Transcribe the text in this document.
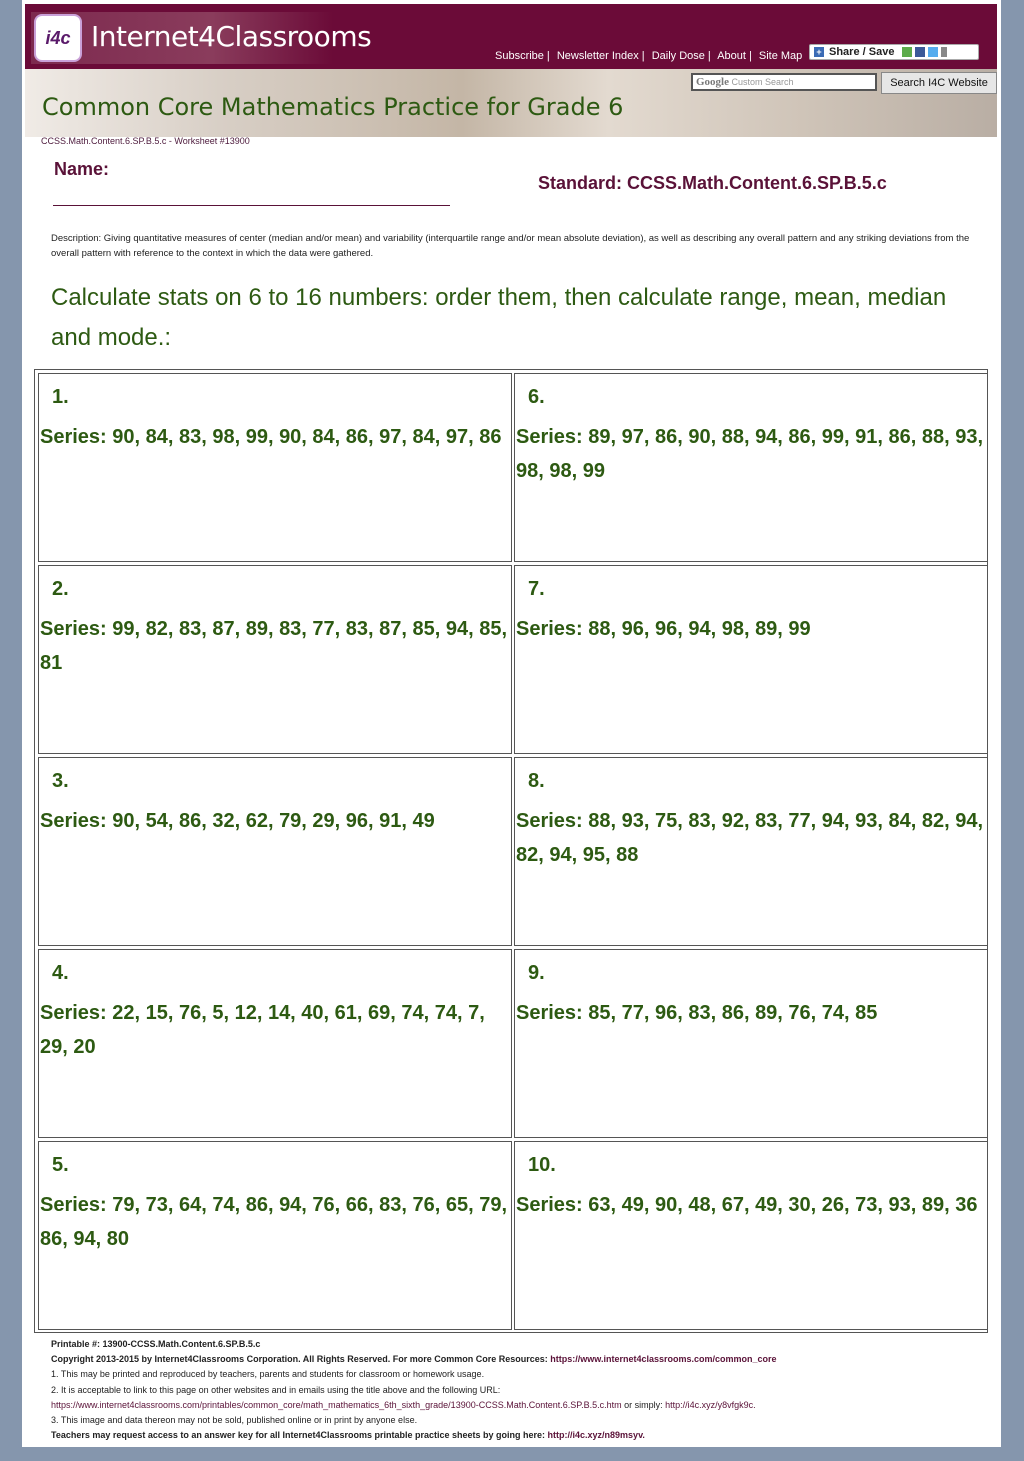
i4c Internet4Classrooms
Subscribe | Newsletter Index | Daily Dose | About | Site Map + Share / Save
Google Custom Search	Search I4C Website
Common Core Mathematics Practice for Grade 6
CCSS.Math.Content.6.SP.B.5.c - Worksheet #13900
Name:
Standard: CCSS.Math.Content.6.SP.B.5.c
Description: Giving quantitative measures of center (median and/or mean) and variability (interquartile range and/or mean absolute deviation), as well as describing any overall pattern and any striking deviations from the overall pattern with reference to the context in which the data were gathered.
Calculate stats on 6 to 16 numbers: order them, then calculate range, mean, median and mode.:
1.
Series: 90, 84, 83, 98, 99, 90, 84, 86, 97, 84, 97, 86
2.
Series: 99, 82, 83, 87, 89, 83, 77, 83, 87, 85, 94, 85, 81
3.
Series: 90, 54, 86, 32, 62, 79, 29, 96, 91, 49
4.
Series: 22, 15, 76, 5, 12, 14, 40, 61, 69, 74, 74, 7, 29, 20
5.
Series: 79, 73, 64, 74, 86, 94, 76, 66, 83, 76, 65, 79, 86, 94, 80
6.
Series: 89, 97, 86, 90, 88, 94, 86, 99, 91, 86, 88, 93, 98, 98, 99
7.
Series: 88, 96, 96, 94, 98, 89, 99
8.
Series: 88, 93, 75, 83, 92, 83, 77, 94, 93, 84, 82, 94, 82, 94, 95, 88
9.
Series: 85, 77, 96, 83, 86, 89, 76, 74, 85
10.
Series: 63, 49, 90, 48, 67, 49, 30, 26, 73, 93, 89, 36
Printable #: 13900-CCSS.Math.Content.6.SP.B.5.c
Copyright 2013-2015 by Internet4Classrooms Corporation. All Rights Reserved. For more Common Core Resources: https://www.internet4classrooms.com/common_core
1. This may be printed and reproduced by teachers, parents and students for classroom or homework usage.
2. It is acceptable to link to this page on other websites and in emails using the title above and the following URL:
https://www.internet4classrooms.com/printables/common_core/math_mathematics_6th_sixth_grade/13900-CCSS.Math.Content.6.SP.B.5.c.htm or simply: http://i4c.xyz/y8vfgk9c.
3. This image and data thereon may not be sold, published online or in print by anyone else.
Teachers may request access to an answer key for all Internet4Classrooms printable practice sheets by going here: http://i4c.xyz/n89msyv.
